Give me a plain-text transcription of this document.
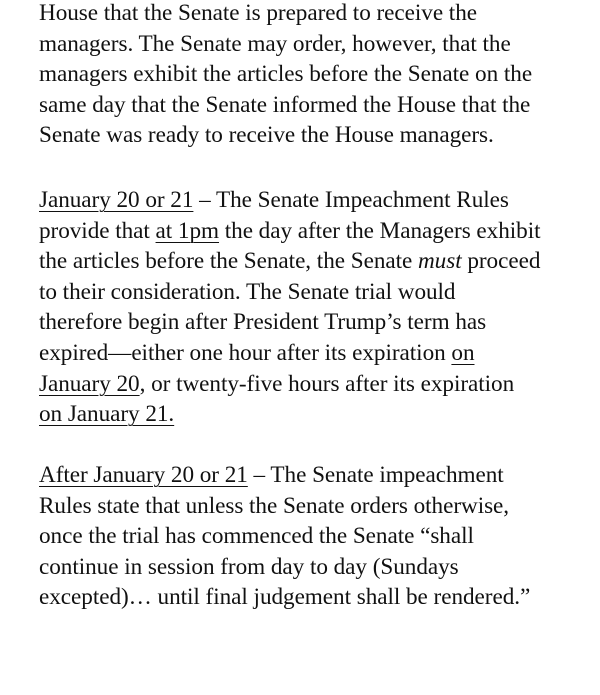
House that the Senate is prepared to receive the
managers. The Senate may order, however, that the
managers exhibit the articles before the Senate on the
same day that the Senate informed the House that the
Senate was ready to receive the House managers.
January 20 or 21 – The Senate Impeachment Rules
provide that at 1pm the day after the Managers exhibit
the articles before the Senate, the Senate must proceed
to their consideration. The Senate trial would
therefore begin after President Trump’s term has
expired—either one hour after its expiration on
January 20, or twenty-five hours after its expiration
on January 21.
After January 20 or 21 – The Senate impeachment
Rules state that unless the Senate orders otherwise,
once the trial has commenced the Senate “shall
continue in session from day to day (Sundays
excepted)… until final judgement shall be rendered.”
